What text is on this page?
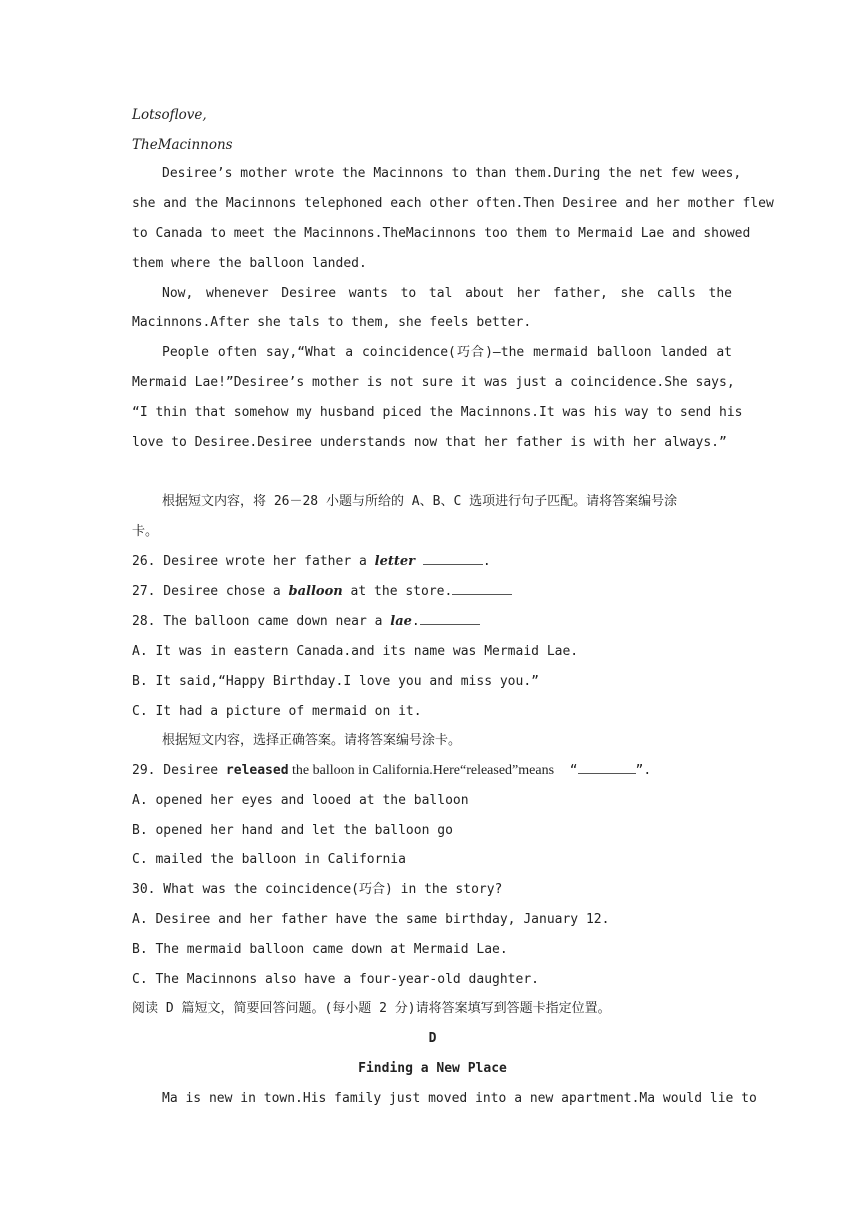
Lotsoflove,
TheMacinnons
Desiree’s mother wrote the Macinnons to than them.During the net few wees,
she and the Macinnons telephoned each other often.Then Desiree and her mother flew
to Canada to meet the Macinnons.TheMacinnons too them to Mermaid Lae and showed
them where the balloon landed.
Now, whenever Desiree wants to tal about her father, she calls the
Macinnons.After she tals to them, she feels better.
People often say,“What a coincidence(巧合)—the mermaid balloon landed at
Mermaid Lae!”Desiree’s mother is not sure it was just a coincidence.She says,
“I thin that somehow my husband piced the Macinnons.It was his way to send his
love to Desiree.Desiree understands now that her father is with her always.”
根据短文内容，将 26－28 小题与所给的 A、B、C 选项进行句子匹配。请将答案编号涂
卡。
26. Desiree wrote her father a letter	.
27. Desiree chose a balloon at the store.
28. The balloon came down near a lae.
A. It was in eastern Canada.and its name was Mermaid Lae.
B. It said,“Happy Birthday.I love you and miss you.”
C. It had a picture of mermaid on it.
根据短文内容，选择正确答案。请将答案编号涂卡。
29. Desiree released the balloon in California.Here“released”means “	”.
A. opened her eyes and looed at the balloon
B. opened her hand and let the balloon go
C. mailed the balloon in California
30. What was the coincidence(巧合) in the story?
A. Desiree and her father have the same birthday, January 12.
B. The mermaid balloon came down at Mermaid Lae.
C. The Macinnons also have a four-year-old daughter.
阅读 D 篇短文，简要回答问题。(每小题 2 分)请将答案填写到答题卡指定位置。
D
Finding a New Place
Ma is new in town.His family just moved into a new apartment.Ma would lie to
